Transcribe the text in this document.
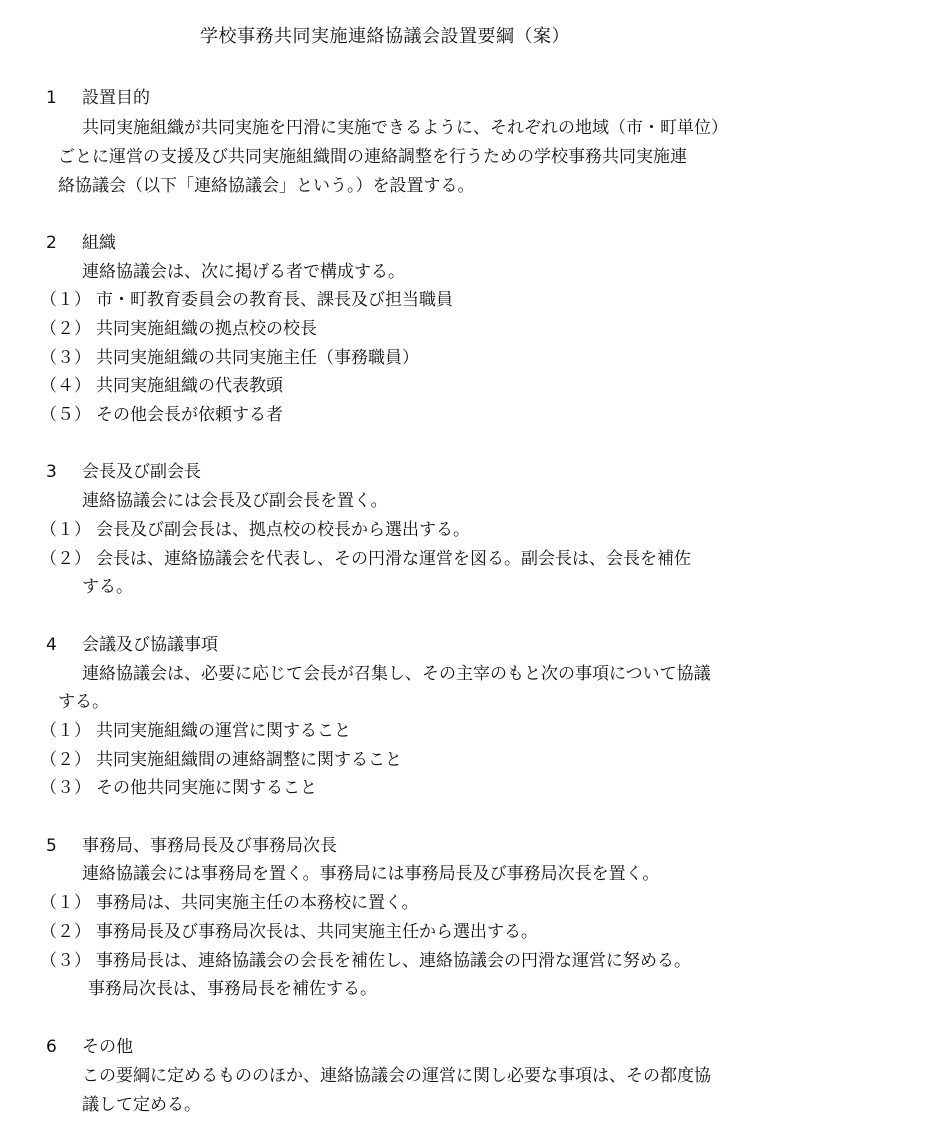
学校事務共同実施連絡協議会設置要綱（案）
1 設置目的
共同実施組織が共同実施を円滑に実施できるように、それぞれの地域（市・町単位）
ごとに運営の支援及び共同実施組織間の連絡調整を行うための学校事務共同実施連
絡協議会（以下「連絡協議会」という。）を設置する。
2 組織
連絡協議会は、次に掲げる者で構成する。
（１） 市・町教育委員会の教育長、課長及び担当職員
（２） 共同実施組織の拠点校の校長
（３） 共同実施組織の共同実施主任（事務職員）
（４） 共同実施組織の代表教頭
（５） その他会長が依頼する者
3 会長及び副会長
連絡協議会には会長及び副会長を置く。
（１） 会長及び副会長は、拠点校の校長から選出する。
（２） 会長は、連絡協議会を代表し、その円滑な運営を図る。副会長は、会長を補佐
する。
4 会議及び協議事項
連絡協議会は、必要に応じて会長が召集し、その主宰のもと次の事項について協議
する。
（１） 共同実施組織の運営に関すること
（２） 共同実施組織間の連絡調整に関すること
（３） その他共同実施に関すること
5 事務局、事務局長及び事務局次長
連絡協議会には事務局を置く。事務局には事務局長及び事務局次長を置く。
（１） 事務局は、共同実施主任の本務校に置く。
（２） 事務局長及び事務局次長は、共同実施主任から選出する。
（３） 事務局長は、連絡協議会の会長を補佐し、連絡協議会の円滑な運営に努める。
事務局次長は、事務局長を補佐する。
6 その他
この要綱に定めるもののほか、連絡協議会の運営に関し必要な事項は、その都度協
議して定める。
